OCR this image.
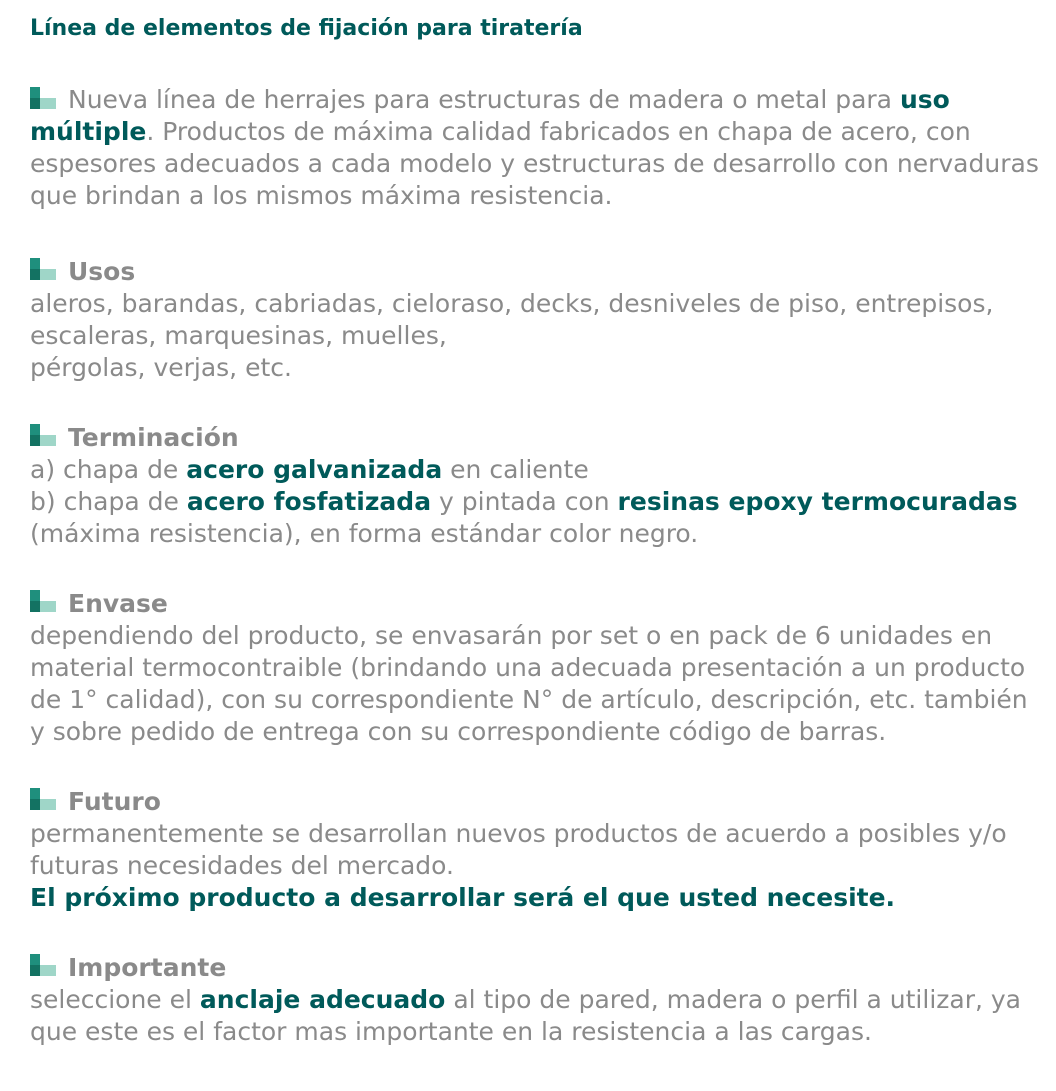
Línea de elementos de fijación para tiratería

Nueva línea de herrajes para estructuras de madera o metal para uso múltiple. Productos de máxima calidad fabricados en chapa de acero, con espesores adecuados a cada modelo y estructuras de desarrollo con nervaduras que brindan a los mismos máxima resistencia.

Usos

aleros, barandas, cabriadas, cieloraso, decks, desniveles de piso, entrepisos, escaleras, marquesinas, muelles,
pérgolas, verjas, etc.

Terminación

a) chapa de acero galvanizada en caliente
b) chapa de acero fosfatizada y pintada con resinas epoxy termocuradas
(máxima resistencia), en forma estándar color negro.

Envase

dependiendo del producto, se envasarán por set o en pack de 6 unidades en material termocontraible (brindando una adecuada presentación a un producto de 1° calidad), con su correspondiente N° de artículo, descripción, etc. también y sobre pedido de entrega con su correspondiente código de barras.

Futuro

permanentemente se desarrollan nuevos productos de acuerdo a posibles y/o futuras necesidades del mercado.
El próximo producto a desarrollar será el que usted necesite.

Importante

seleccione el anclaje adecuado al tipo de pared, madera o perfil a utilizar, ya que este es el factor mas importante en la resistencia a las cargas.
